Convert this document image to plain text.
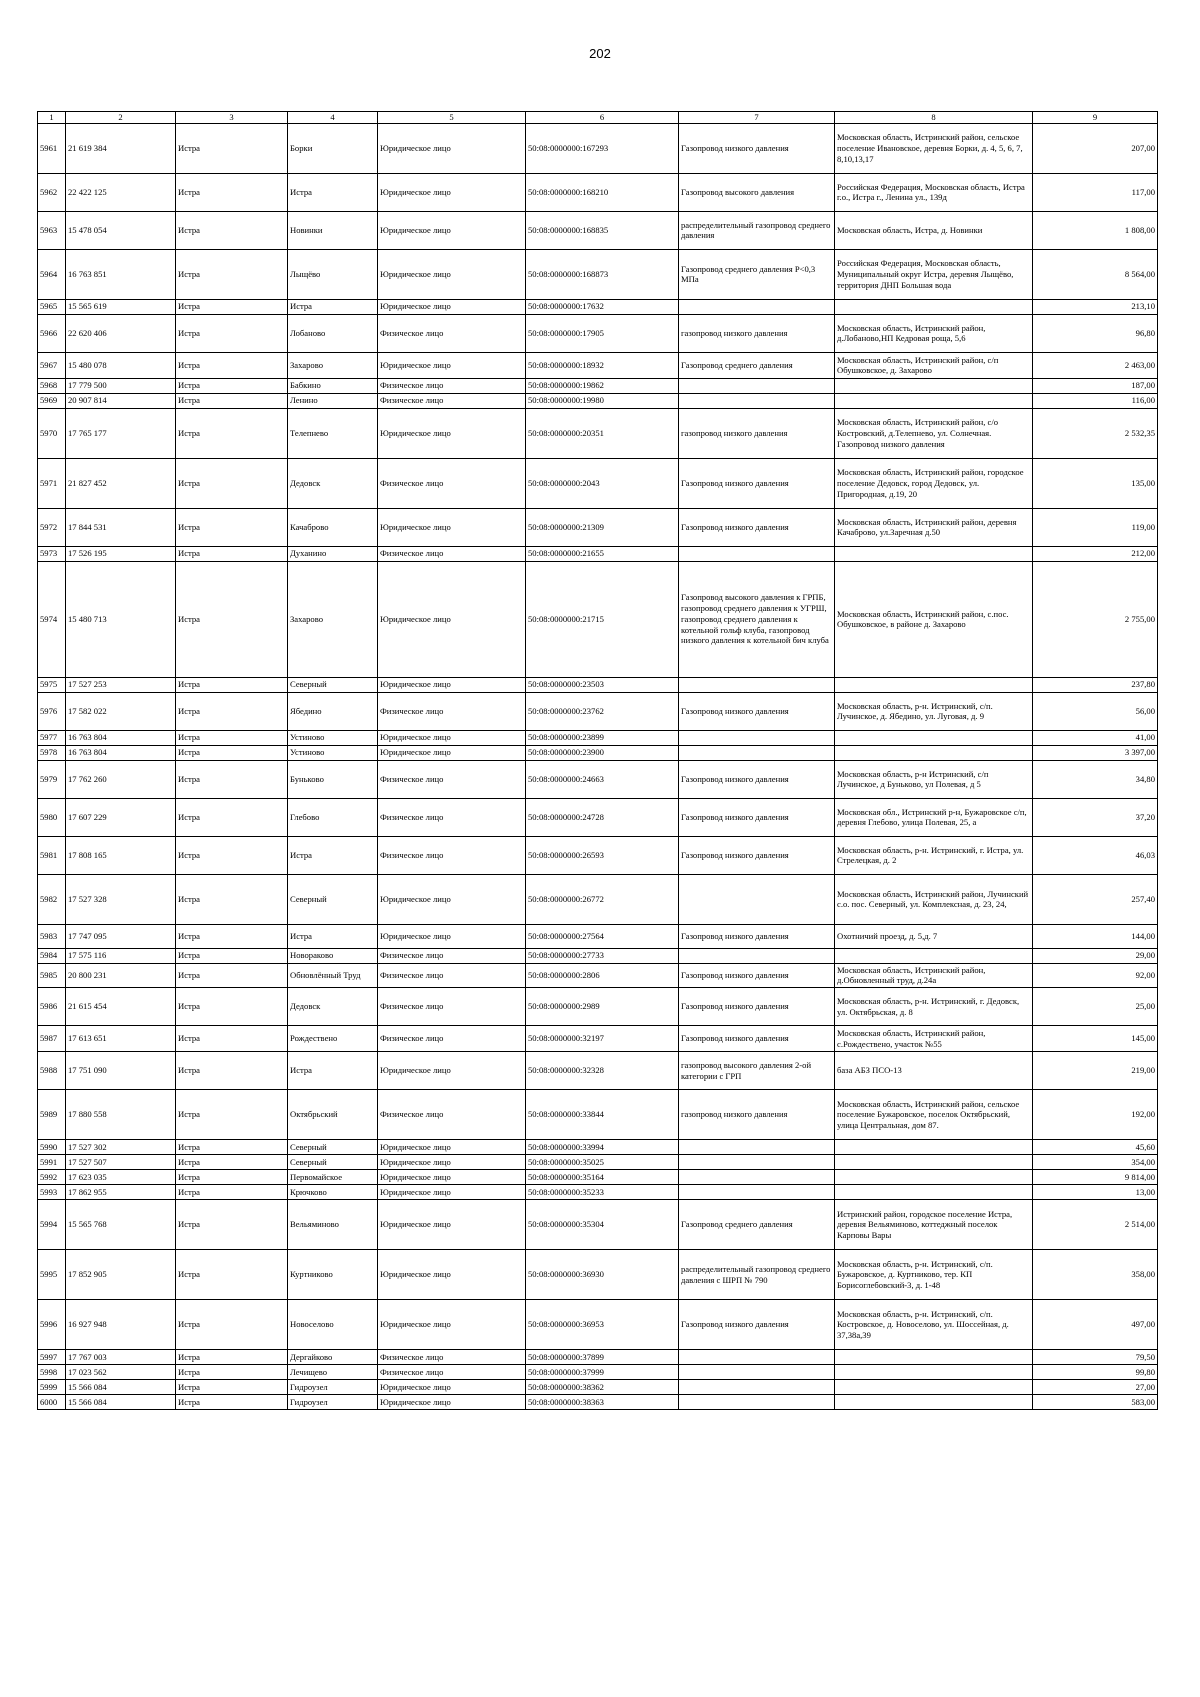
202
1	2	3	4	5	6	7	8	9
5961	21 619 384	Истра	Борки	Юридическое лицо	50:08:0000000:167293	Газопровод низкого давления	Московская область, Истринский район, сельское поселение Ивановское, деревня Борки, д. 4, 5, 6, 7, 8,10,13,17	207,00
5962	22 422 125	Истра	Истра	Юридическое лицо	50:08:0000000:168210	Газопровод высокого давления	Российская Федерация, Московская область, Истра г.о., Истра г., Ленина ул., 139д	117,00
5963	15 478 054	Истра	Новинки	Юридическое лицо	50:08:0000000:168835	распределительный газопровод среднего давления	Московская область, Истра, д. Новинки	1 808,00
5964	16 763 851	Истра	Лыщёво	Юридическое лицо	50:08:0000000:168873	Газопровод среднего давления Р<0,3 МПа	Российская Федерация, Московская область, Муниципальный округ Истра, деревня Лыщёво, территория ДНП Большая вода	8 564,00
5965	15 565 619	Истра	Истра	Юридическое лицо	50:08:0000000:17632			213,10
5966	22 620 406	Истра	Лобаново	Физическое лицо	50:08:0000000:17905	газопровод низкого давления	Московская область, Истринский район, д.Лобаново,НП Кедровая роща, 5,6	96,80
5967	15 480 078	Истра	Захарово	Юридическое лицо	50:08:0000000:18932	Газопровод среднего давления	Московская область, Истринский район, с/п Обушковское, д. Захарово	2 463,00
5968	17 779 500	Истра	Бабкино	Физическое лицо	50:08:0000000:19862			187,00
5969	20 907 814	Истра	Ленино	Физическое лицо	50:08:0000000:19980			116,00
5970	17 765 177	Истра	Телепнево	Юридическое лицо	50:08:0000000:20351	газопровод низкого давления	Московская область, Истринский район, с/о Костровский, д.Телепнево, ул. Солнечная. Газопровод низкого давления	2 532,35
5971	21 827 452	Истра	Дедовск	Физическое лицо	50:08:0000000:2043	Газопровод низкого давления	Московская область, Истринский район, городское поселение Дедовск, город Дедовск, ул. Пригородная, д.19, 20	135,00
5972	17 844 531	Истра	Качаброво	Юридическое лицо	50:08:0000000:21309	Газопровод низкого давления	Московская область, Истринский район, деревня Качаброво, ул.Заречная д.50	119,00
5973	17 526 195	Истра	Духанино	Физическое лицо	50:08:0000000:21655			212,00
5974	15 480 713	Истра	Захарово	Юридическое лицо	50:08:0000000:21715	Газопровод высокого давления к ГРПБ, газопровод среднего давления к УГРШ, газопровод среднего давления к котельной гольф клуба, газопровод низкого давления к котельной бич клуба	Московская область, Истринский район, с.пос. Обушковское, в районе д. Захарово	2 755,00
5975	17 527 253	Истра	Северный	Юридическое лицо	50:08:0000000:23503			237,80
5976	17 582 022	Истра	Ябедино	Физическое лицо	50:08:0000000:23762	Газопровод низкого давления	Московская область, р-н. Истринский, с/п. Лучинское, д. Ябедино, ул. Луговая, д. 9	56,00
5977	16 763 804	Истра	Устиново	Юридическое лицо	50:08:0000000:23899			41,00
5978	16 763 804	Истра	Устиново	Юридическое лицо	50:08:0000000:23900			3 397,00
5979	17 762 260	Истра	Буньково	Физическое лицо	50:08:0000000:24663	Газопровод низкого давления	Московская область, р-н Истринский, с/п Лучинское, д Буньково, ул Полевая, д 5	34,80
5980	17 607 229	Истра	Глебово	Физическое лицо	50:08:0000000:24728	Газопровод низкого давления	Московская обл., Истринский р-н, Бужаровское с/п, деревня Глебово, улица Полевая, 25, а	37,20
5981	17 808 165	Истра	Истра	Физическое лицо	50:08:0000000:26593	Газопровод низкого давления	Московская область, р-н. Истринский, г. Истра, ул. Стрелецкая, д. 2	46,03
5982	17 527 328	Истра	Северный	Юридическое лицо	50:08:0000000:26772		Московская область, Истринский район, Лучинский с.о. пос. Северный, ул. Комплексная, д. 23, 24,	257,40
5983	17 747 095	Истра	Истра	Юридическое лицо	50:08:0000000:27564	Газопровод низкого давления	Охотничий проезд, д. 5,д. 7	144,00
5984	17 575 116	Истра	Новораково	Физическое лицо	50:08:0000000:27733			29,00
5985	20 800 231	Истра	Обновлённый Труд	Физическое лицо	50:08:0000000:2806	Газопровод низкого давления	Московская область, Истринский район, д.Обновленный труд, д.24а	92,00
5986	21 615 454	Истра	Дедовск	Физическое лицо	50:08:0000000:2989	Газопровод низкого давления	Московская область, р-н. Истринский, г. Дедовск, ул. Октябрьская, д. 8	25,00
5987	17 613 651	Истра	Рождествено	Физическое лицо	50:08:0000000:32197	Газопровод низкого давления	Московская область, Истринский район, с.Рождествено, участок №55	145,00
5988	17 751 090	Истра	Истра	Юридическое лицо	50:08:0000000:32328	газопровод высокого давления 2-ой категории с ГРП	база АБЗ ПСО-13	219,00
5989	17 880 558	Истра	Октябрьский	Физическое лицо	50:08:0000000:33844	газопровод низкого давления	Московская область, Истринский район, сельское поселение Бужаровское, поселок Октябрьский, улица Центральная, дом 87.	192,00
5990	17 527 302	Истра	Северный	Юридическое лицо	50:08:0000000:33994			45,60
5991	17 527 507	Истра	Северный	Юридическое лицо	50:08:0000000:35025			354,00
5992	17 623 035	Истра	Первомайское	Юридическое лицо	50:08:0000000:35164			9 814,00
5993	17 862 955	Истра	Крючково	Юридическое лицо	50:08:0000000:35233			13,00
5994	15 565 768	Истра	Вельяминово	Юридическое лицо	50:08:0000000:35304	Газопровод среднего давления	Истринский район, городское поселение Истра, деревня Вельяминово, коттеджный поселок Карповы Вары	2 514,00
5995	17 852 905	Истра	Куртниково	Юридическое лицо	50:08:0000000:36930	распределительный газопровод среднего давления с ШРП № 790	Московская область, р-н. Истринский, с/п. Бужаровское, д. Куртниково, тер. КП Борисоглебовский-3, д. 1-48	358,00
5996	16 927 948	Истра	Новоселово	Юридическое лицо	50:08:0000000:36953	Газопровод низкого давления	Московская область, р-н. Истринский, с/п. Костровское, д. Новоселово, ул. Шоссейная, д. 37,38а,39	497,00
5997	17 767 003	Истра	Дергайково	Физическое лицо	50:08:0000000:37899			79,50
5998	17 023 562	Истра	Лечищево	Физическое лицо	50:08:0000000:37999			99,80
5999	15 566 084	Истра	Гидроузел	Юридическое лицо	50:08:0000000:38362			27,00
6000	15 566 084	Истра	Гидроузел	Юридическое лицо	50:08:0000000:38363			583,00
